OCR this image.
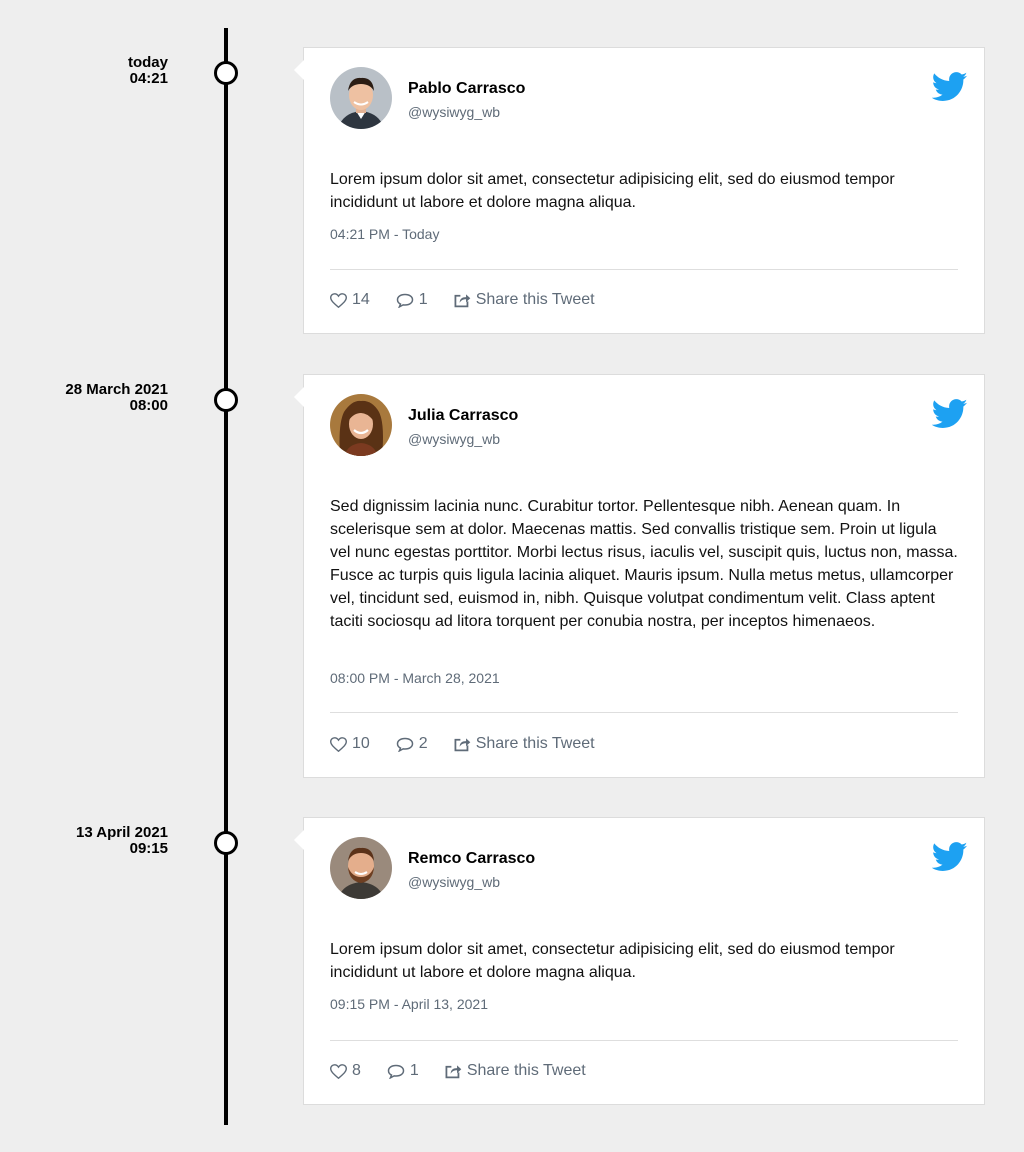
today
04:21
Pablo Carrasco
@wysiwyg_wb
Lorem ipsum dolor sit amet, consectetur adipisicing elit, sed do eiusmod tempor incididunt ut labore et dolore magna aliqua.
04:21 PM - Today
14	1	Share this Tweet
28 March 2021
08:00
Julia Carrasco
@wysiwyg_wb
Sed dignissim lacinia nunc. Curabitur tortor. Pellentesque nibh. Aenean quam. In scelerisque sem at dolor. Maecenas mattis. Sed convallis tristique sem. Proin ut ligula vel nunc egestas porttitor. Morbi lectus risus, iaculis vel, suscipit quis, luctus non, massa. Fusce ac turpis quis ligula lacinia aliquet. Mauris ipsum. Nulla metus metus, ullamcorper vel, tincidunt sed, euismod in, nibh. Quisque volutpat condimentum velit. Class aptent taciti sociosqu ad litora torquent per conubia nostra, per inceptos himenaeos.
08:00 PM - March 28, 2021
10	2	Share this Tweet
13 April 2021
09:15
Remco Carrasco
@wysiwyg_wb
Lorem ipsum dolor sit amet, consectetur adipisicing elit, sed do eiusmod tempor incididunt ut labore et dolore magna aliqua.
09:15 PM - April 13, 2021
8	1	Share this Tweet
